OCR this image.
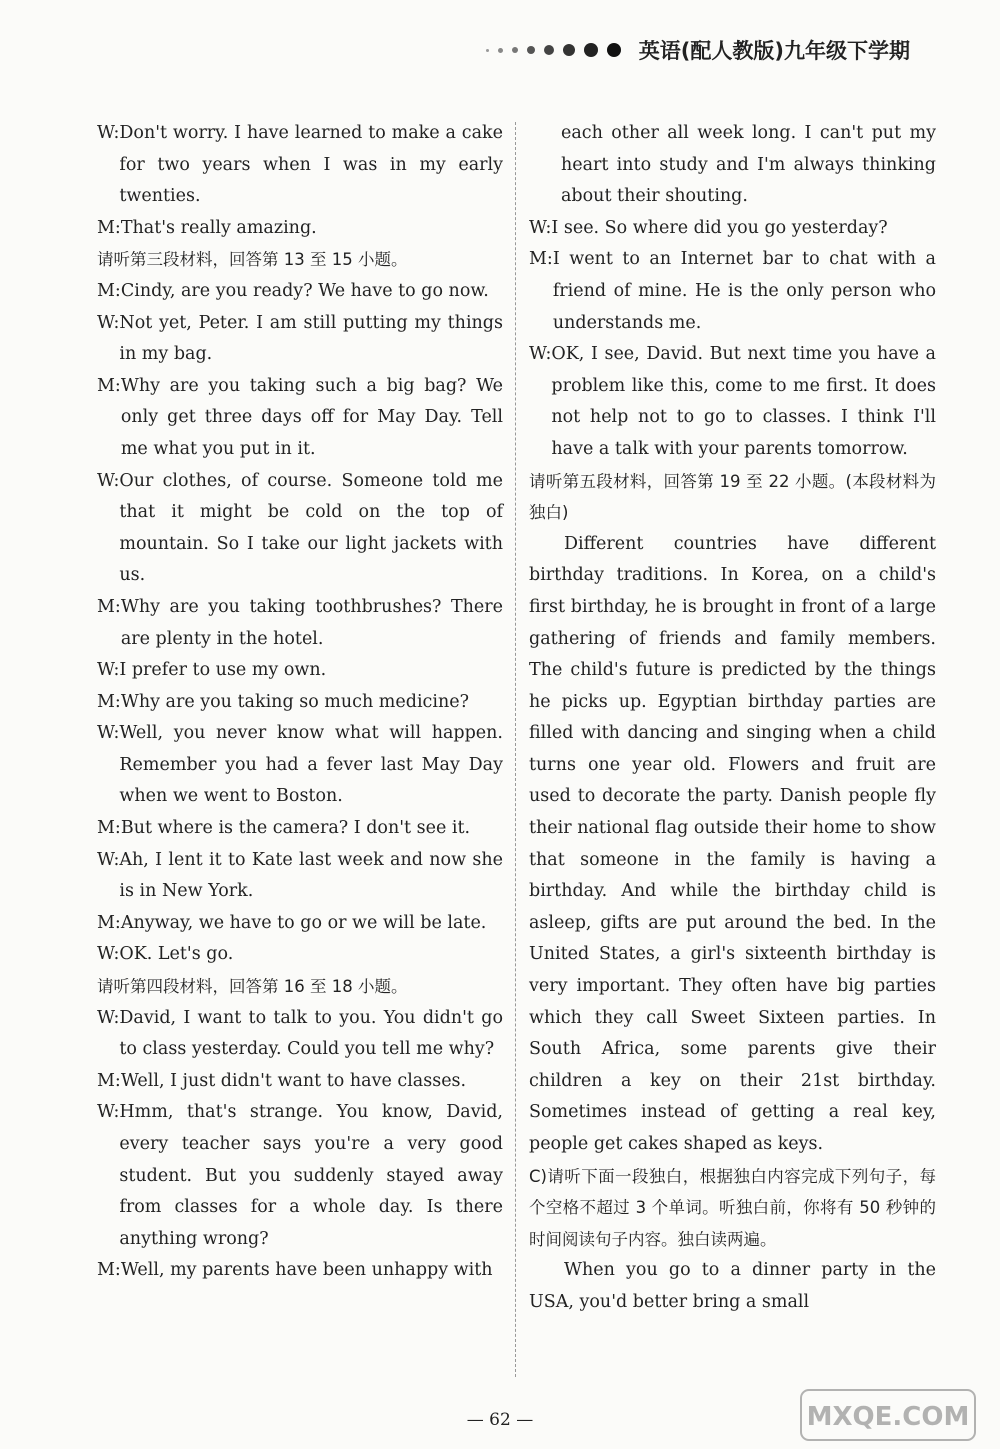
英语(配人教版)九年级下学期
W: Don't worry. I have learned to make a cake for two years when I was in my early twenties.
M: That's really amazing.
请听第三段材料，回答第 13 至 15 小题。
M: Cindy, are you ready? We have to go now.
W: Not yet, Peter. I am still putting my things in my bag.
M: Why are you taking such a big bag? We only get three days off for May Day. Tell me what you put in it.
W: Our clothes, of course. Someone told me that it might be cold on the top of mountain. So I take our light jackets with us.
M: Why are you taking toothbrushes? There are plenty in the hotel.
W: I prefer to use my own.
M: Why are you taking so much medicine?
W: Well, you never know what will happen. Remember you had a fever last May Day when we went to Boston.
M: But where is the camera? I don't see it.
W: Ah, I lent it to Kate last week and now she is in New York.
M: Anyway, we have to go or we will be late.
W: OK. Let's go.
请听第四段材料，回答第 16 至 18 小题。
W: David, I want to talk to you. You didn't go to class yesterday. Could you tell me why?
M: Well, I just didn't want to have classes.
W: Hmm, that's strange. You know, David, every teacher says you're a very good student. But you suddenly stayed away from classes for a whole day. Is there anything wrong?
M: Well, my parents have been unhappy with
each other all week long. I can't put my heart into study and I'm always thinking about their shouting.
W: I see. So where did you go yesterday?
M: I went to an Internet bar to chat with a friend of mine. He is the only person who understands me.
W: OK, I see, David. But next time you have a problem like this, come to me first. It does not help not to go to classes. I think I'll have a talk with your parents tomorrow.
请听第五段材料，回答第 19 至 22 小题。(本段材料为独白)
Different countries have different birthday traditions. In Korea, on a child's first birthday, he is brought in front of a large gathering of friends and family members. The child's future is predicted by the things he picks up. Egyptian birthday parties are filled with dancing and singing when a child turns one year old. Flowers and fruit are used to decorate the party. Danish people fly their national flag outside their home to show that someone in the family is having a birthday. And while the birthday child is asleep, gifts are put around the bed. In the United States, a girl's sixteenth birthday is very important. They often have big parties which they call Sweet Sixteen parties. In South Africa, some parents give their children a key on their 21st birthday. Sometimes instead of getting a real key, people get cakes shaped as keys.
C)请听下面一段独白，根据独白内容完成下列句子，每个空格不超过 3 个单词。听独白前，你将有 50 秒钟的时间阅读句子内容。独白读两遍。
When you go to a dinner party in the USA, you'd better bring a small
— 62 —	MXQE.COM
